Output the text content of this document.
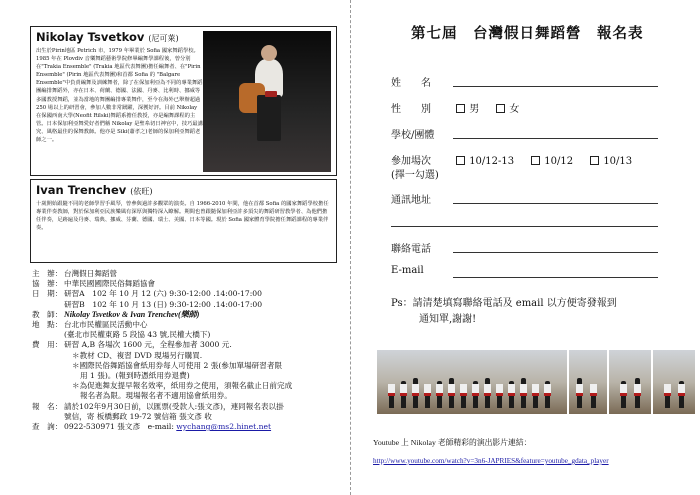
Nikolay Tsvetkov (尼可萊)
出生於Pirin地區 Petrich 市，1979 年畢業於 Sofia 國家舞蹈學校。1985 年在 Plovdiv 音樂舞蹈藝術學院修畢編舞學課程後，曾分別在"Trakia Ensemble" (Trakia 地區代表舞團)擔任編舞者、在"Pirin Ensemble" (Pirin 地區代表舞團)和首都 Sofia 的 "Balgare Ensemble"中負責編舞及訓練舞者，除了在保加利亞為不同的專業舞蹈團編排舞蹈外，亦在日本、荷蘭、德國、法國、丹麥、比利時、挪威等多國教授舞蹈，並為當地的舞團編排專業舞作，至今在海外已舉辦超過 250 場以上的研習會，參加人數非常踴躍，深獲好評。目前 Nikolay 在保國西南大學(Neofit Rilski)舞蹈系擔任教授，亦是編舞課程的主管。日本保加利亞舞愛好者們稱 Nikolay 是聖糸切日神官中，技巧最講究、風格最佳的保舞教師。他亦是 Siki(蕭孝之)老師的保加利亞舞蹈老師之一。
Ivan Trenchev (依旺)
十歲開始跟隨不同的老師學習手風琴，曾參與過許多觀眾的演奏。自 1966-2010 年間，他在首都 Sofia 的國家舞蹈學校擔任專業伴奏教師，對於保加利亞民族樂風有深厚與獨特深入瞭解。期間也曾跟隨保加利亞許多頂尖的舞蹈研習教學者、為他們擔任伴奏，足跡遍及丹麥、瑞典、挪威、芬蘭、德國、瑞士、美國、日本等國。現於 Sofia 國家體育學院擔任舞蹈課程的專業伴奏。
主　辦： 台灣假日舞蹈營
協　辦： 中華民國國際民俗舞蹈協會
日　期： 研習A　102 年 10 月 12 (六) 9:30-12:00 .14:00-17:00
研習B　102 年 10 月 13 (日) 9:30-12:00 .14:00-17:00
教　師： Nikolay Tsvetkov & Ivan Trenchev(樂師)
地　點： 台北市民權區民活動中心
(臺北市民權東路 5 段協 43 號,民權大橋下)
費　用： 研習 A,B 各場次 1600 元，全程參加者 3000 元.
＊教材 CD、複習 DVD 現場另行購買.
＊國際民俗舞蹈協會紙用券每人可使用 2 張(參加單場研習者限
用 1 張)。(報到時憑紙用券退費)
＊為促進舞友提早報名效率，紙用券之使用，須報名截止日前完成
報名者為限。現場報名者不適用協會紙用券。
報　名： 請於102年9月30日前，以匯票(受款人:張文彥)，連同報名表以掛
號信，寄 板橋郵政 19-72 號信箱 張文彥 收
查　詢： 0922-530971 張文彥　e-mail: wychang@ms2.hinet.net
第七屆　台灣假日舞蹈營　報名表
姓　　名
性　　別	男	女
學校/團體
參加場次	10/12-13	10/12	10/13
(擇一勾選)
通訊地址
聯絡電話
E-mail
Ps：請清楚填寫聯絡電話及 email 以方便寄發報到
通知單,謝謝!
Youtube 上 Nikolay 老師精彩的演出影片連結：
http://www.youtube.com/watch?v=3n6-JAPRIES&feature=youtube_gdata_player
